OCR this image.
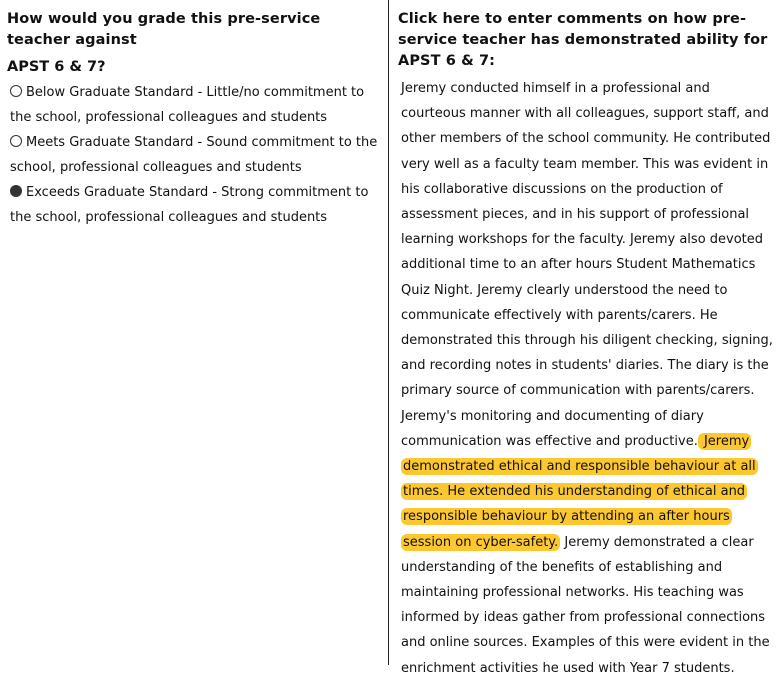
How would you grade this pre-service teacher against

APST 6 & 7?

Below Graduate Standard - Little/no commitment to the school, professional colleagues and students
Meets Graduate Standard - Sound commitment to the school, professional colleagues and students
Exceeds Graduate Standard - Strong commitment to the school, professional colleagues and students

Click here to enter comments on how pre-service teacher has demonstrated ability for APST 6 & 7:

Jeremy conducted himself in a professional and courteous manner with all colleagues, support staff, and other members of the school community. He contributed very well as a faculty team member. This was evident in his collaborative discussions on the production of assessment pieces, and in his support of professional learning workshops for the faculty. Jeremy also devoted additional time to an after hours Student Mathematics Quiz Night. Jeremy clearly understood the need to communicate effectively with parents/carers. He demonstrated this through his diligent checking, signing, and recording notes in students' diaries. The diary is the primary source of communication with parents/carers. Jeremy's monitoring and documenting of diary communication was effective and productive. Jeremy demonstrated ethical and responsible behaviour at all times. He extended his understanding of ethical and responsible behaviour by attending an after hours session on cyber-safety. Jeremy demonstrated a clear understanding of the benefits of establishing and maintaining professional networks. His teaching was informed by ideas gather from professional connections and online sources. Examples of this were evident in the enrichment activities he used with Year 7 students.
